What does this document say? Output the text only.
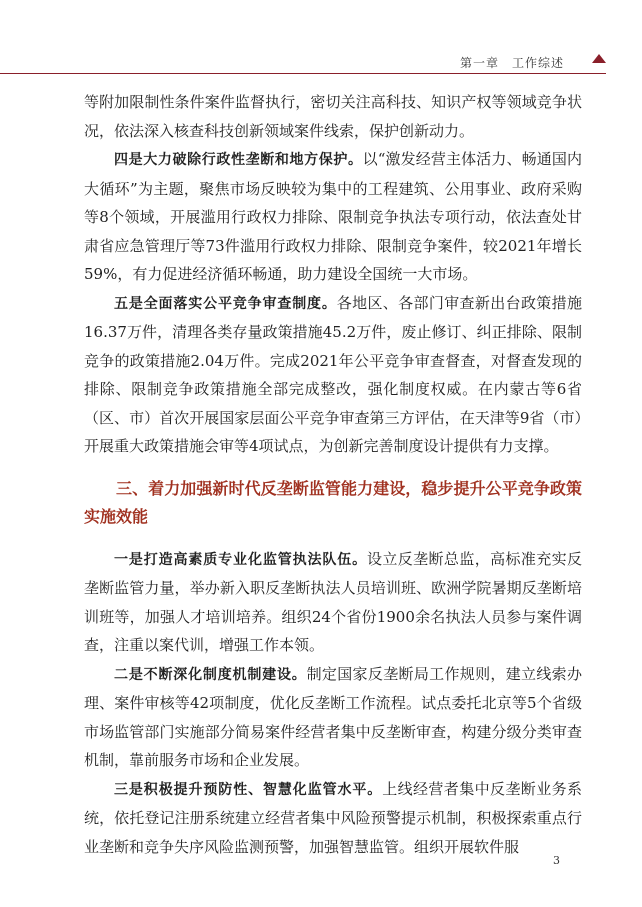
第一章　工作综述

等附加限制性条件案件监督执行，密切关注高科技、知识产权等领域竞争状况，依法深入核查科技创新领域案件线索，保护创新动力。

四是大力破除行政性垄断和地方保护。以“激发经营主体活力、畅通国内大循环”为主题，聚焦市场反映较为集中的工程建筑、公用事业、政府采购等8个领域，开展滥用行政权力排除、限制竞争执法专项行动，依法查处甘肃省应急管理厅等73件滥用行政权力排除、限制竞争案件，较2021年增长59%，有力促进经济循环畅通，助力建设全国统一大市场。

五是全面落实公平竞争审查制度。各地区、各部门审查新出台政策措施16.37万件，清理各类存量政策措施45.2万件，废止修订、纠正排除、限制竞争的政策措施2.04万件。完成2021年公平竞争审查督查，对督查发现的排除、限制竞争政策措施全部完成整改，强化制度权威。在内蒙古等6省（区、市）首次开展国家层面公平竞争审查第三方评估，在天津等9省（市）开展重大政策措施会审等4项试点，为创新完善制度设计提供有力支撑。

三、着力加强新时代反垄断监管能力建设，稳步提升公平竞争政策实施效能

一是打造高素质专业化监管执法队伍。设立反垄断总监，高标准充实反垄断监管力量，举办新入职反垄断执法人员培训班、欧洲学院暑期反垄断培训班等，加强人才培训培养。组织24个省份1900余名执法人员参与案件调查，注重以案代训，增强工作本领。

二是不断深化制度机制建设。制定国家反垄断局工作规则，建立线索办理、案件审核等42项制度，优化反垄断工作流程。试点委托北京等5个省级市场监管部门实施部分简易案件经营者集中反垄断审查，构建分级分类审查机制，靠前服务市场和企业发展。

三是积极提升预防性、智慧化监管水平。上线经营者集中反垄断业务系统，依托登记注册系统建立经营者集中风险预警提示机制，积极探索重点行业垄断和竞争失序风险监测预警，加强智慧监管。组织开展软件服

3
